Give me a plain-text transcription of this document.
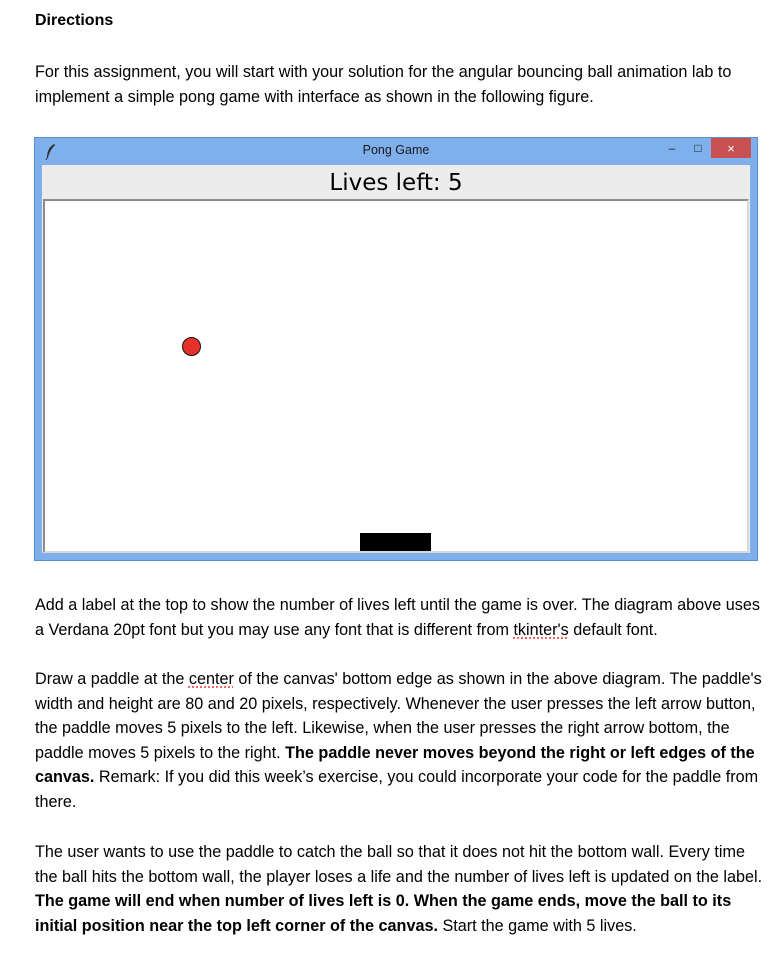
Directions

For this assignment, you will start with your solution for the angular bouncing ball animation lab to implement a simple pong game with interface as shown in the following figure.

Pong Game	–	□	×
Lives left: 5

Add a label at the top to show the number of lives left until the game is over. The diagram above uses a Verdana 20pt font but you may use any font that is different from tkinter's default font.

Draw a paddle at the center of the canvas' bottom edge as shown in the above diagram. The paddle's width and height are 80 and 20 pixels, respectively. Whenever the user presses the left arrow button, the paddle moves 5 pixels to the left. Likewise, when the user presses the right arrow bottom, the paddle moves 5 pixels to the right. The paddle never moves beyond the right or left edges of the canvas. Remark: If you did this week’s exercise, you could incorporate your code for the paddle from there.

The user wants to use the paddle to catch the ball so that it does not hit the bottom wall. Every time the ball hits the bottom wall, the player loses a life and the number of lives left is updated on the label. The game will end when number of lives left is 0. When the game ends, move the ball to its initial position near the top left corner of the canvas. Start the game with 5 lives.
